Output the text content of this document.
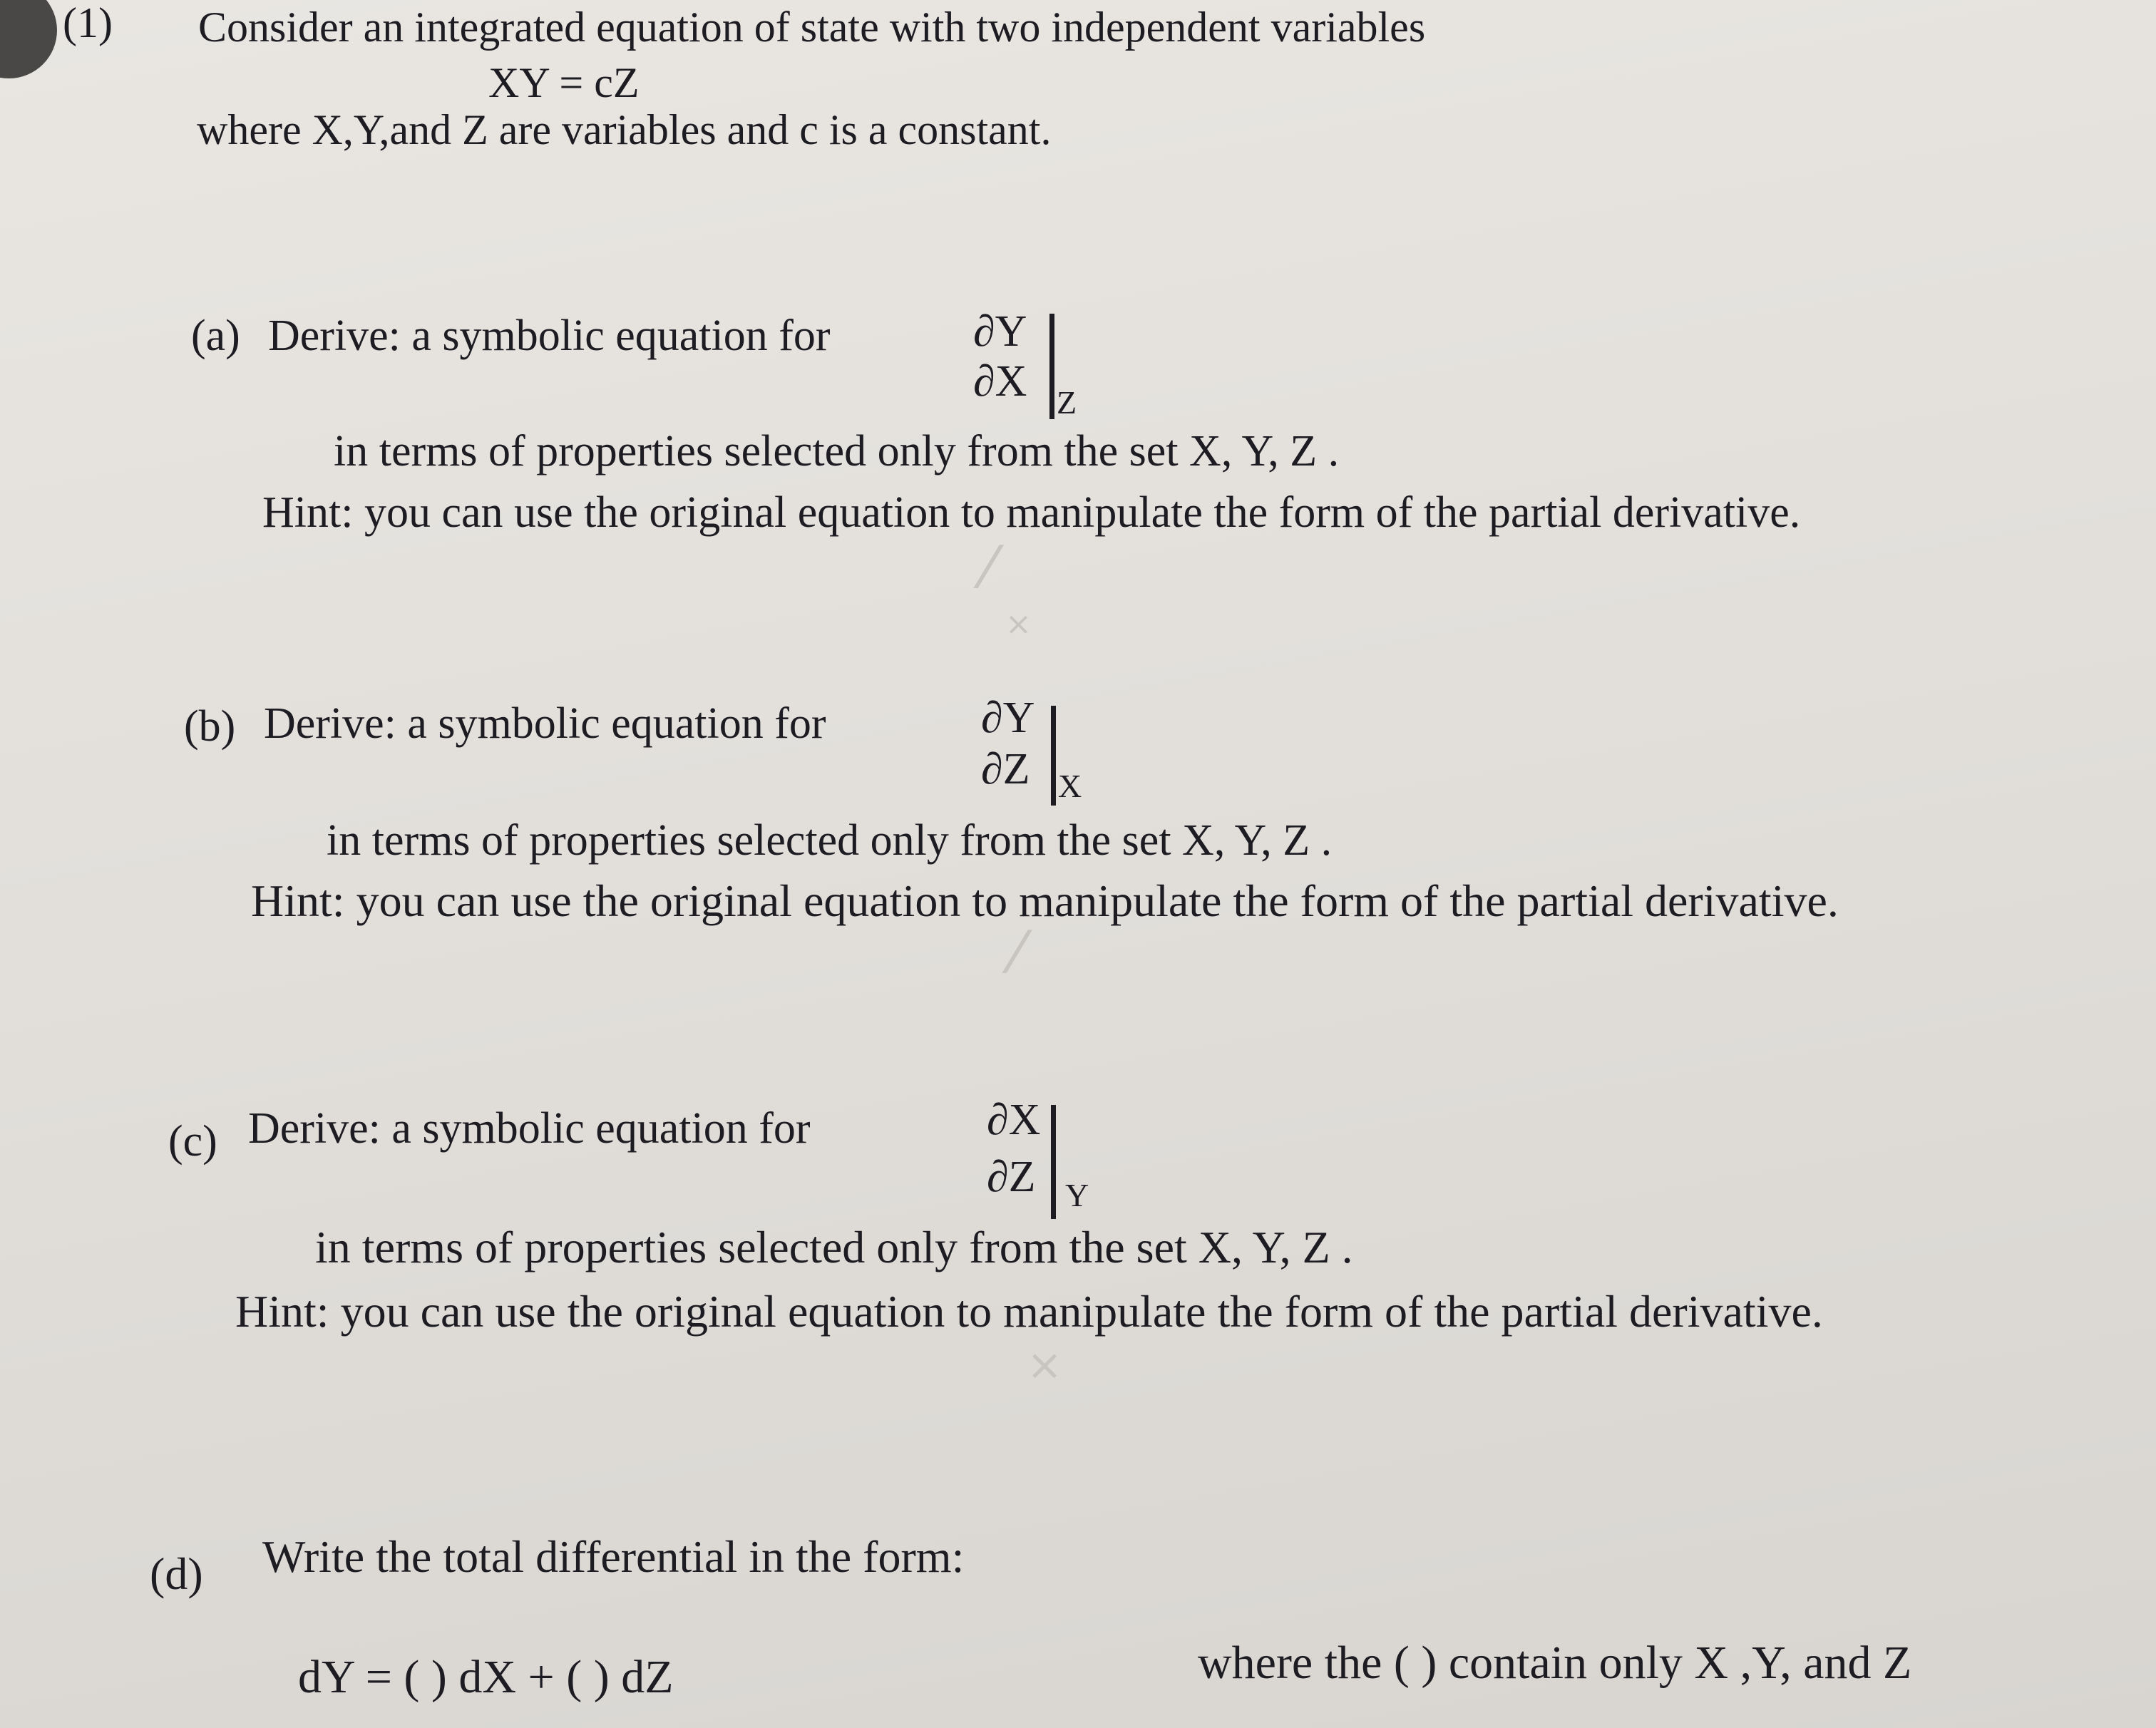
(1) Consider an integrated equation of state with two independent variables
XY = cZ
where X,Y,and Z are variables and c is a constant.
(a) Derive: a symbolic equation for	∂Y
∂X Z
in terms of properties selected only from the set X, Y, Z .
Hint: you can use the original equation to manipulate the form of the partial derivative.
(b) Derive: a symbolic equation for	∂Y
∂Z X
in terms of properties selected only from the set X, Y, Z .
Hint: you can use the original equation to manipulate the form of the partial derivative.
(c) Derive: a symbolic equation for	∂X
∂Z Y
in terms of properties selected only from the set X, Y, Z .
Hint: you can use the original equation to manipulate the form of the partial derivative.
(d) Write the total differential in the form:
dY = ( ) dX + ( ) dZ	where the ( ) contain only X ,Y, and Z
⁄
×
⁄
×
